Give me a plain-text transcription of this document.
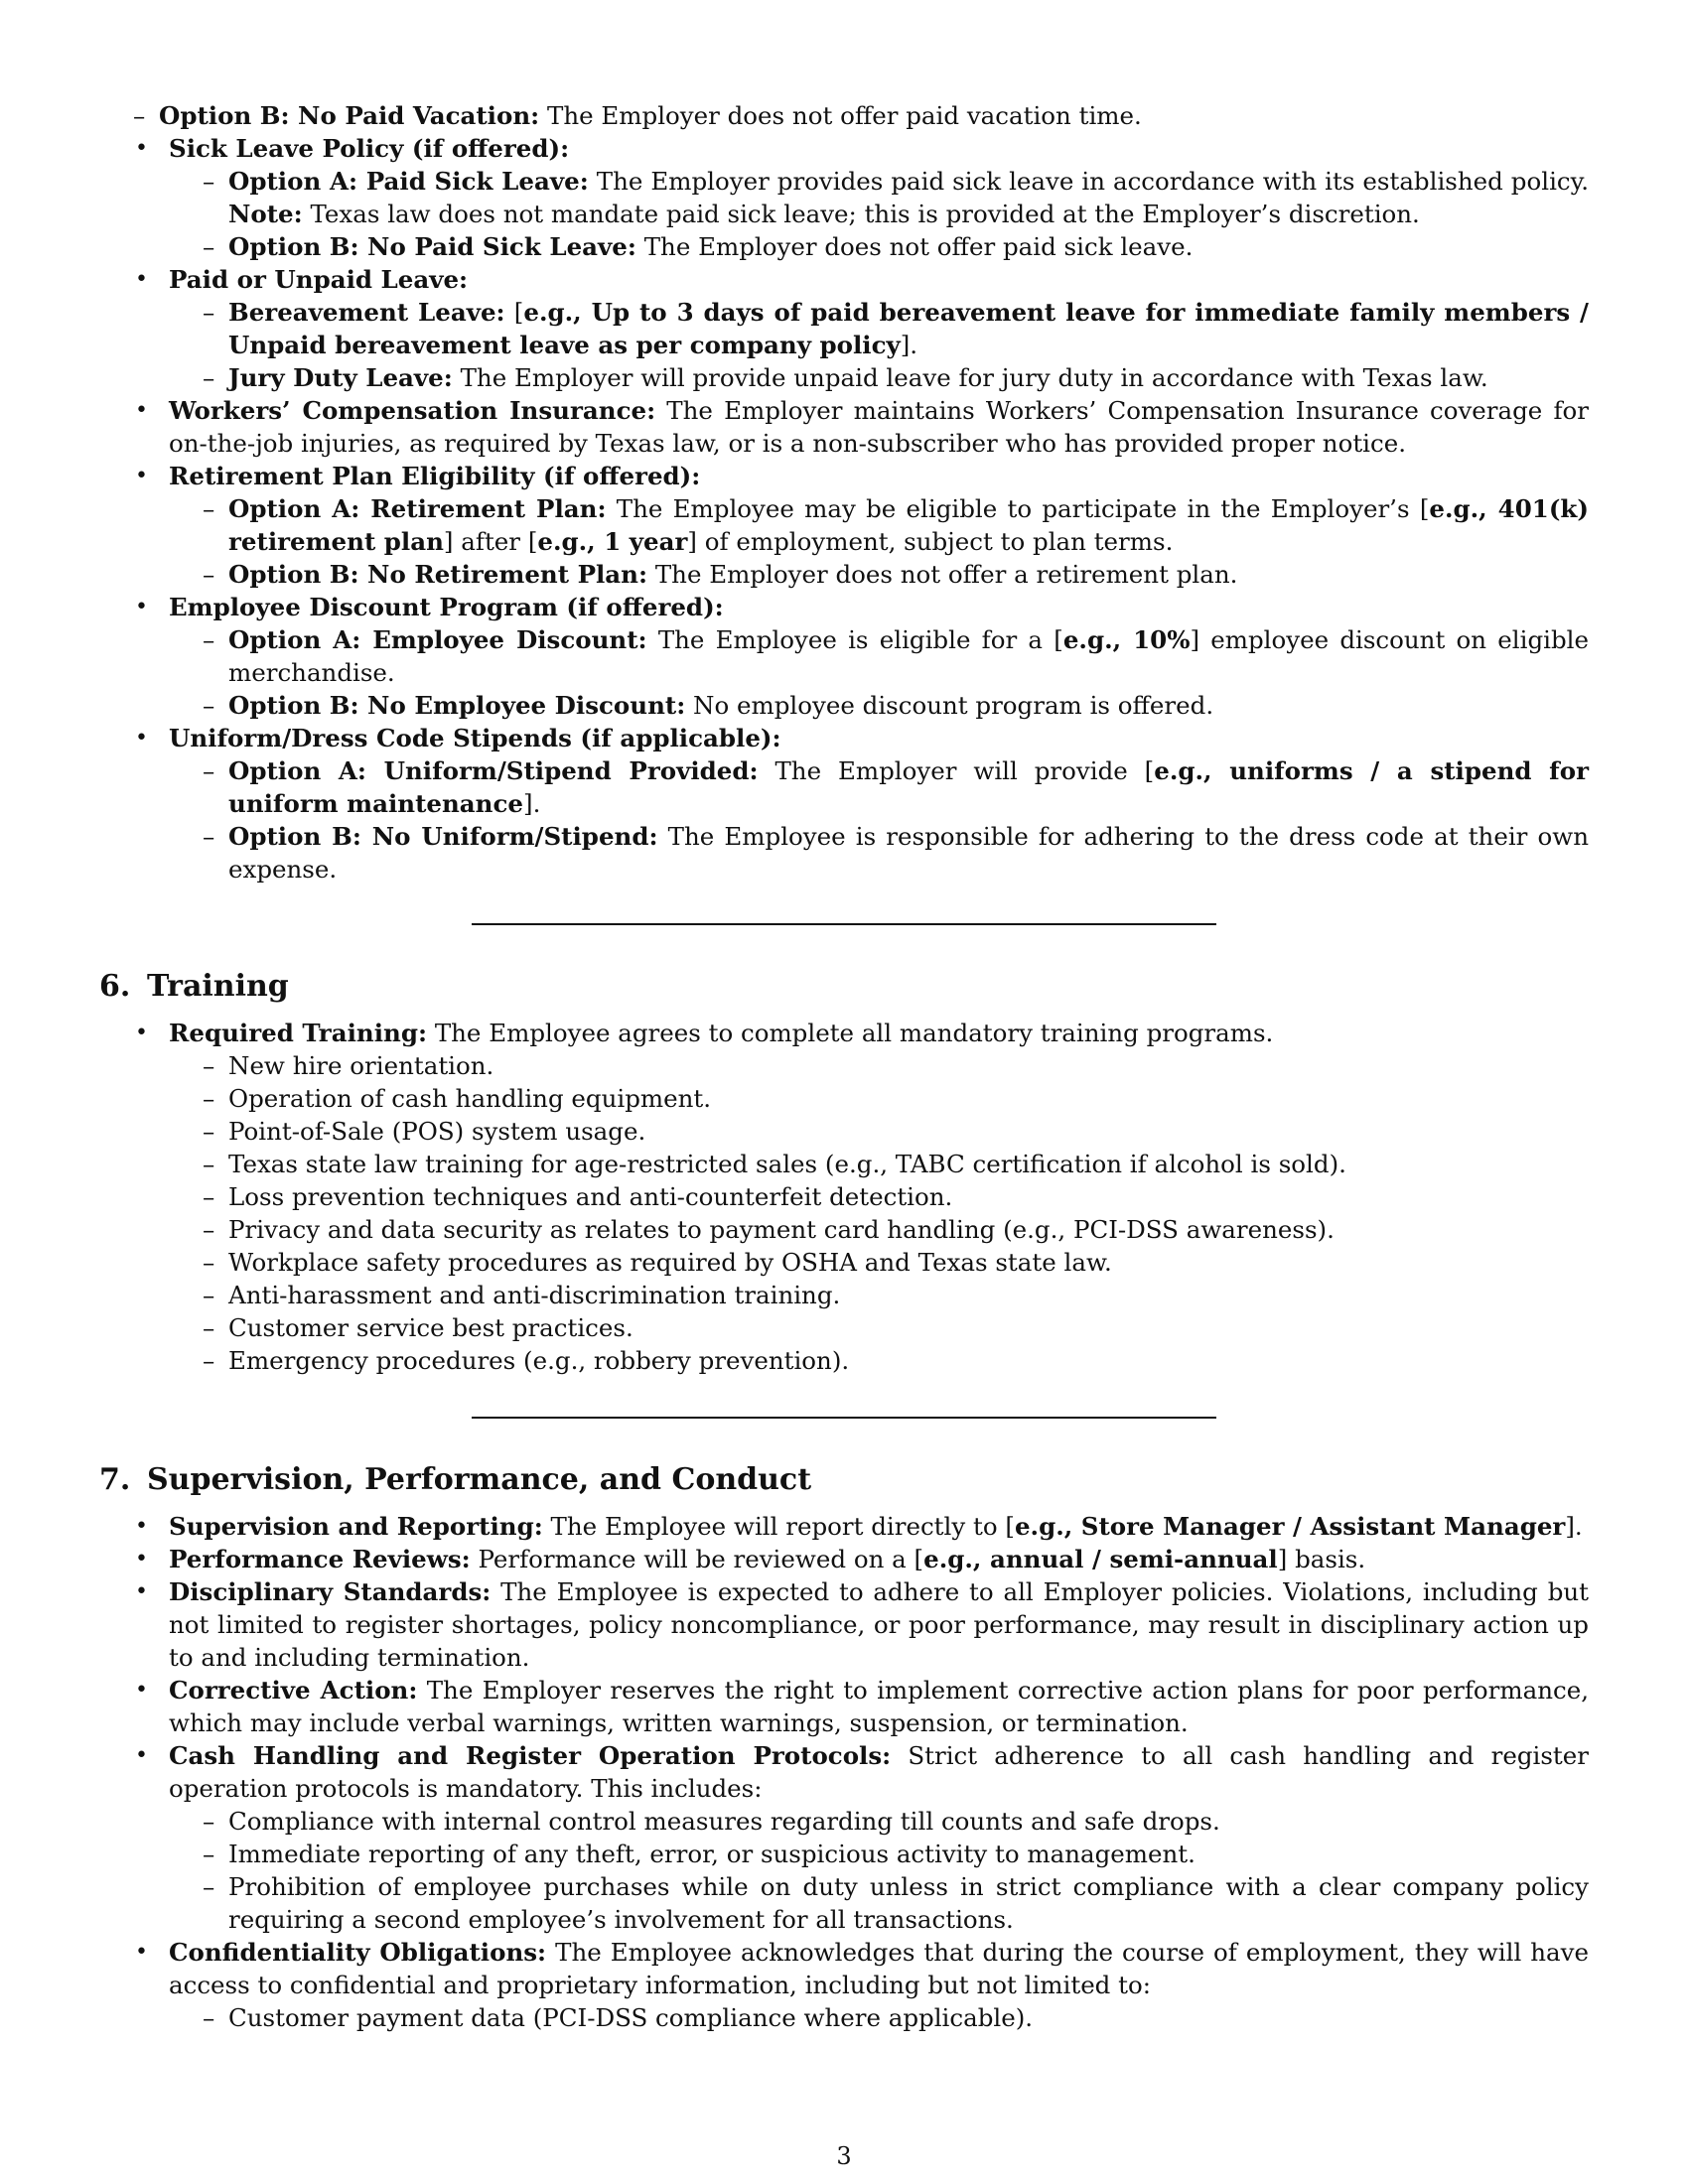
– Option B: No Paid Vacation: The Employer does not offer paid vacation time.
• Sick Leave Policy (if offered):
– Option A: Paid Sick Leave: The Employer provides paid sick leave in accordance with its established policy. Note: Texas law does not mandate paid sick leave; this is provided at the Employer’s discretion.
– Option B: No Paid Sick Leave: The Employer does not offer paid sick leave.
• Paid or Unpaid Leave:
– Bereavement Leave: [e.g., Up to 3 days of paid bereavement leave for immediate family members / Unpaid bereavement leave as per company policy].
– Jury Duty Leave: The Employer will provide unpaid leave for jury duty in accordance with Texas law.
• Workers’ Compensation Insurance: The Employer maintains Workers’ Compensation Insurance coverage for on-the-job injuries, as required by Texas law, or is a non-subscriber who has provided proper notice.
• Retirement Plan Eligibility (if offered):
– Option A: Retirement Plan: The Employee may be eligible to participate in the Employer’s [e.g., 401(k) retirement plan] after [e.g., 1 year] of employment, subject to plan terms.
– Option B: No Retirement Plan: The Employer does not offer a retirement plan.
• Employee Discount Program (if offered):
– Option A: Employee Discount: The Employee is eligible for a [e.g., 10%] employee discount on eligible merchandise.
– Option B: No Employee Discount: No employee discount program is offered.
• Uniform/Dress Code Stipends (if applicable):
– Option A: Uniform/Stipend Provided: The Employer will provide [e.g., uniforms / a stipend for uniform maintenance].
– Option B: No Uniform/Stipend: The Employee is responsible for adhering to the dress code at their own expense.
6. Training
• Required Training: The Employee agrees to complete all mandatory training programs.
– New hire orientation.
– Operation of cash handling equipment.
– Point-of-Sale (POS) system usage.
– Texas state law training for age-restricted sales (e.g., TABC certification if alcohol is sold).
– Loss prevention techniques and anti-counterfeit detection.
– Privacy and data security as relates to payment card handling (e.g., PCI-DSS awareness).
– Workplace safety procedures as required by OSHA and Texas state law.
– Anti-harassment and anti-discrimination training.
– Customer service best practices.
– Emergency procedures (e.g., robbery prevention).
7. Supervision, Performance, and Conduct
• Supervision and Reporting: The Employee will report directly to [e.g., Store Manager / Assistant Manager].
• Performance Reviews: Performance will be reviewed on a [e.g., annual / semi-annual] basis.
• Disciplinary Standards: The Employee is expected to adhere to all Employer policies. Violations, including but not limited to register shortages, policy noncompliance, or poor performance, may result in disciplinary action up to and including termination.
• Corrective Action: The Employer reserves the right to implement corrective action plans for poor performance, which may include verbal warnings, written warnings, suspension, or termination.
• Cash Handling and Register Operation Protocols: Strict adherence to all cash handling and register operation protocols is mandatory. This includes:
– Compliance with internal control measures regarding till counts and safe drops.
– Immediate reporting of any theft, error, or suspicious activity to management.
– Prohibition of employee purchases while on duty unless in strict compliance with a clear company policy requiring a second employee’s involvement for all transactions.
• Confidentiality Obligations: The Employee acknowledges that during the course of employment, they will have access to confidential and proprietary information, including but not limited to:
– Customer payment data (PCI-DSS compliance where applicable).
3
